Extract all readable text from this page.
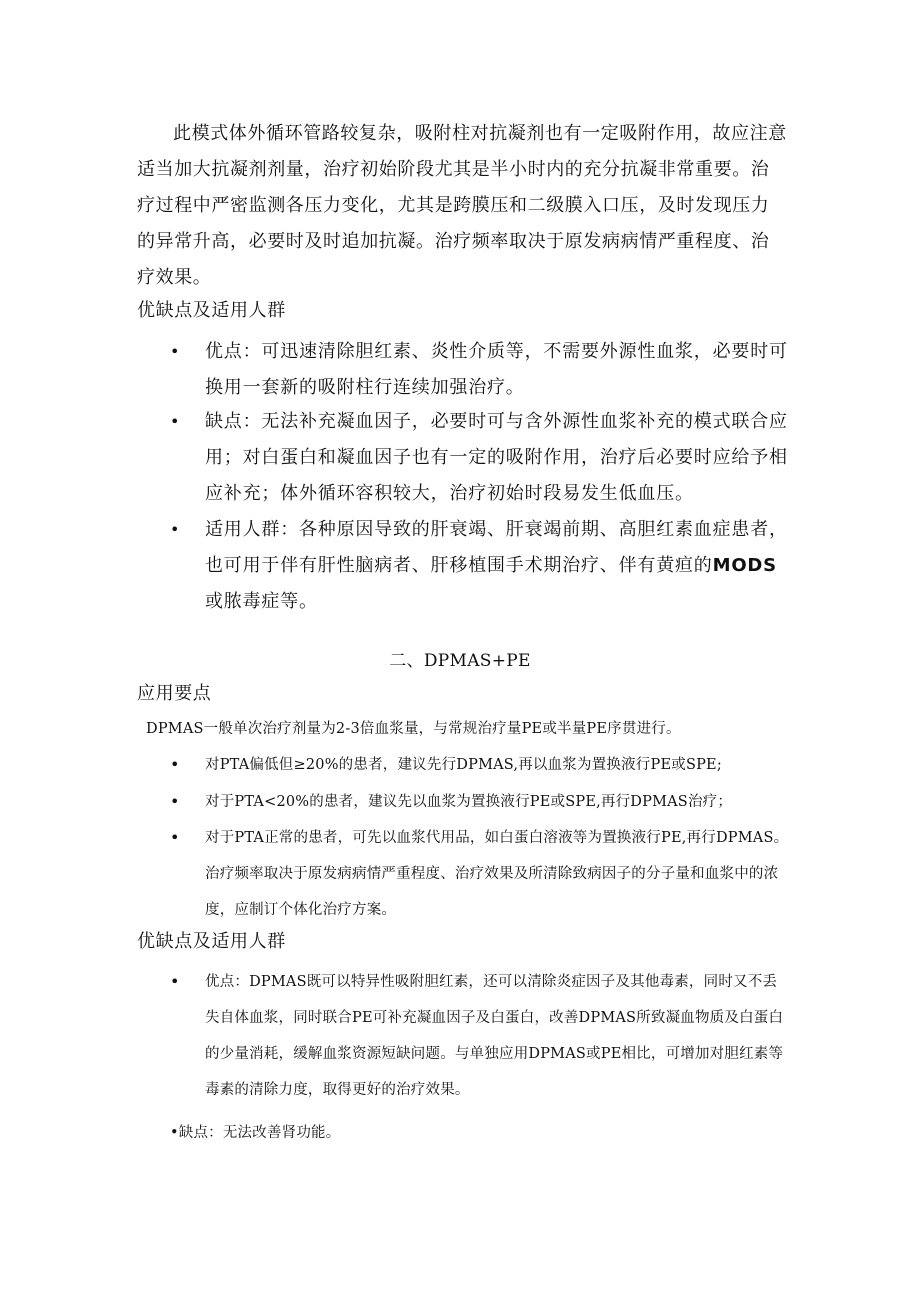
此模式体外循环管路较复杂，吸附柱对抗凝剂也有一定吸附作用，故应注意适当加大抗凝剂剂量，治疗初始阶段尤其是半小时内的充分抗凝非常重要。治疗过程中严密监测各压力变化，尤其是跨膜压和二级膜入口压，及时发现压力的异常升高，必要时及时追加抗凝。治疗频率取决于原发病病情严重程度、治疗效果。

优缺点及适用人群

•	优点：可迅速清除胆红素、炎性介质等，不需要外源性血浆，必要时可换用一套新的吸附柱行连续加强治疗。

•	缺点：无法补充凝血因子，必要时可与含外源性血浆补充的模式联合应用；对白蛋白和凝血因子也有一定的吸附作用，治疗后必要时应给予相应补充；体外循环容积较大，治疗初始时段易发生低血压。

•	适用人群：各种原因导致的肝衰竭、肝衰竭前期、高胆红素血症患者，也可用于伴有肝性脑病者、肝移植围手术期治疗、伴有黄疸的MODS或脓毒症等。

二、DPMAS+PE

应用要点

DPMAS一般单次治疗剂量为2-3倍血浆量，与常规治疗量PE或半量PE序贯进行。

•	对PTA偏低但≥20%的患者，建议先行DPMAS,再以血浆为置换液行PE或SPE;

•	对于PTA<20%的患者，建议先以血浆为置换液行PE或SPE,再行DPMAS治疗；

•	对于PTA正常的患者，可先以血浆代用品，如白蛋白溶液等为置换液行PE,再行DPMAS。治疗频率取决于原发病病情严重程度、治疗效果及所清除致病因子的分子量和血浆中的浓度，应制订个体化治疗方案。

优缺点及适用人群

•	优点：DPMAS既可以特异性吸附胆红素，还可以清除炎症因子及其他毒素，同时又不丢失自体血浆，同时联合PE可补充凝血因子及白蛋白，改善DPMAS所致凝血物质及白蛋白的少量消耗，缓解血浆资源短缺问题。与单独应用DPMAS或PE相比，可增加对胆红素等毒素的清除力度，取得更好的治疗效果。

•缺点：无法改善肾功能。
